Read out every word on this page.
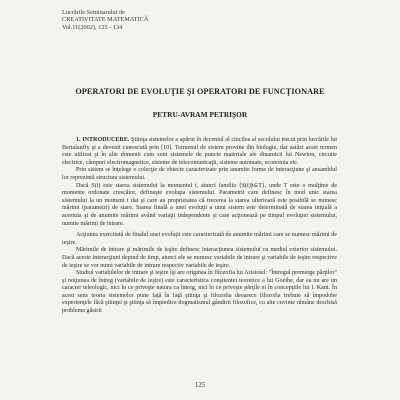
Lucrările Seminarului de
CREATIVITATE MATEMATICĂ
Vol.11(2002), 125 - 134
OPERATORI DE EVOLUŢIE ŞI OPERATORI DE FUNCŢIONARE
PETRU-AVRAM PETRIŞOR

1. INTRODUCERE. Ştiinţa sistemelor a apărut în deceniul al cincilea al secolului trecut prin lucrările lui Bertalanffy şi a devenit cunoscută prin [10]. Termenul de sistem provine din biologie, dar astăzi acest termen este utilizat şi în alte domenii cum sunt sistemele de puncte materiale ale dinamicii lui Newton, circuite electrice, câmpuri electromagnetice, sisteme de telecomunicaţii, sisteme automate, economia etc.

Prin sistem se înţelege o colecţie de obiecte caracterizate prin anumite forme de interacţiune şi ansamblul lor reprezintă structura sistemului.

Dacă S(t) este starea sistemului la momentul t, atunci familia {S(t)|t∈T}, unde T este o mulţime de momente ordonate crescător, defineşte evoluţia sistemului. Parametrii care definesc în mod unic starea sistemului la un moment t dat şi care au proprietatea că trecerea la starea ulterioară este posibilă se numesc mărimi (parametri) de stare. Starea finală a unei evoluţii a unui sistem este determinată de starea iniţială a acestuia şi de anumite mărimi având variaţii independente şi care acţionează pe timpul evoluţiei sistemului, numite mărimi de intrare.

Acţiunea exercitată de finalul unei evoluţii este caracterizată de anumite mărimi care se numesc mărimi de ieşire.

Mărimile de intrare şi mărimile de ieşire definesc interacţiunea sistemului cu mediul exterior sistemului. Dacă aceste interacţiuni depind de timp, atunci ele se numesc variabile de intrare şi variabile de ieşire respective de ieşire se vor numi variabile de intrare respectiv variabile de ieşire.

Studiul variabilelor de intrare şi ieşire îşi are originea în filozofia lui Aristotel: "Întregul premerge părţilor" şi noţiunea de întreg (variabile de ieşire) este caracteristica conştientei teoretice a lui Goethe, dar ea nu are un caracter teleologic, nici în ce priveşte natura ca întreg, nici în ce priveşte părţile ei în concepţiile lui I. Kant. În acest sens teoria sistemelor pune faţă în faţă ştiinţa şi filozofia deoarece filozofia trebuie să împodobe experienţele făcă ştiinţei şi ştiinţa să împiedice dogmatismul gândirii filozofice, cu alte cuvinte rămâne deschisă problema găsirii

125
